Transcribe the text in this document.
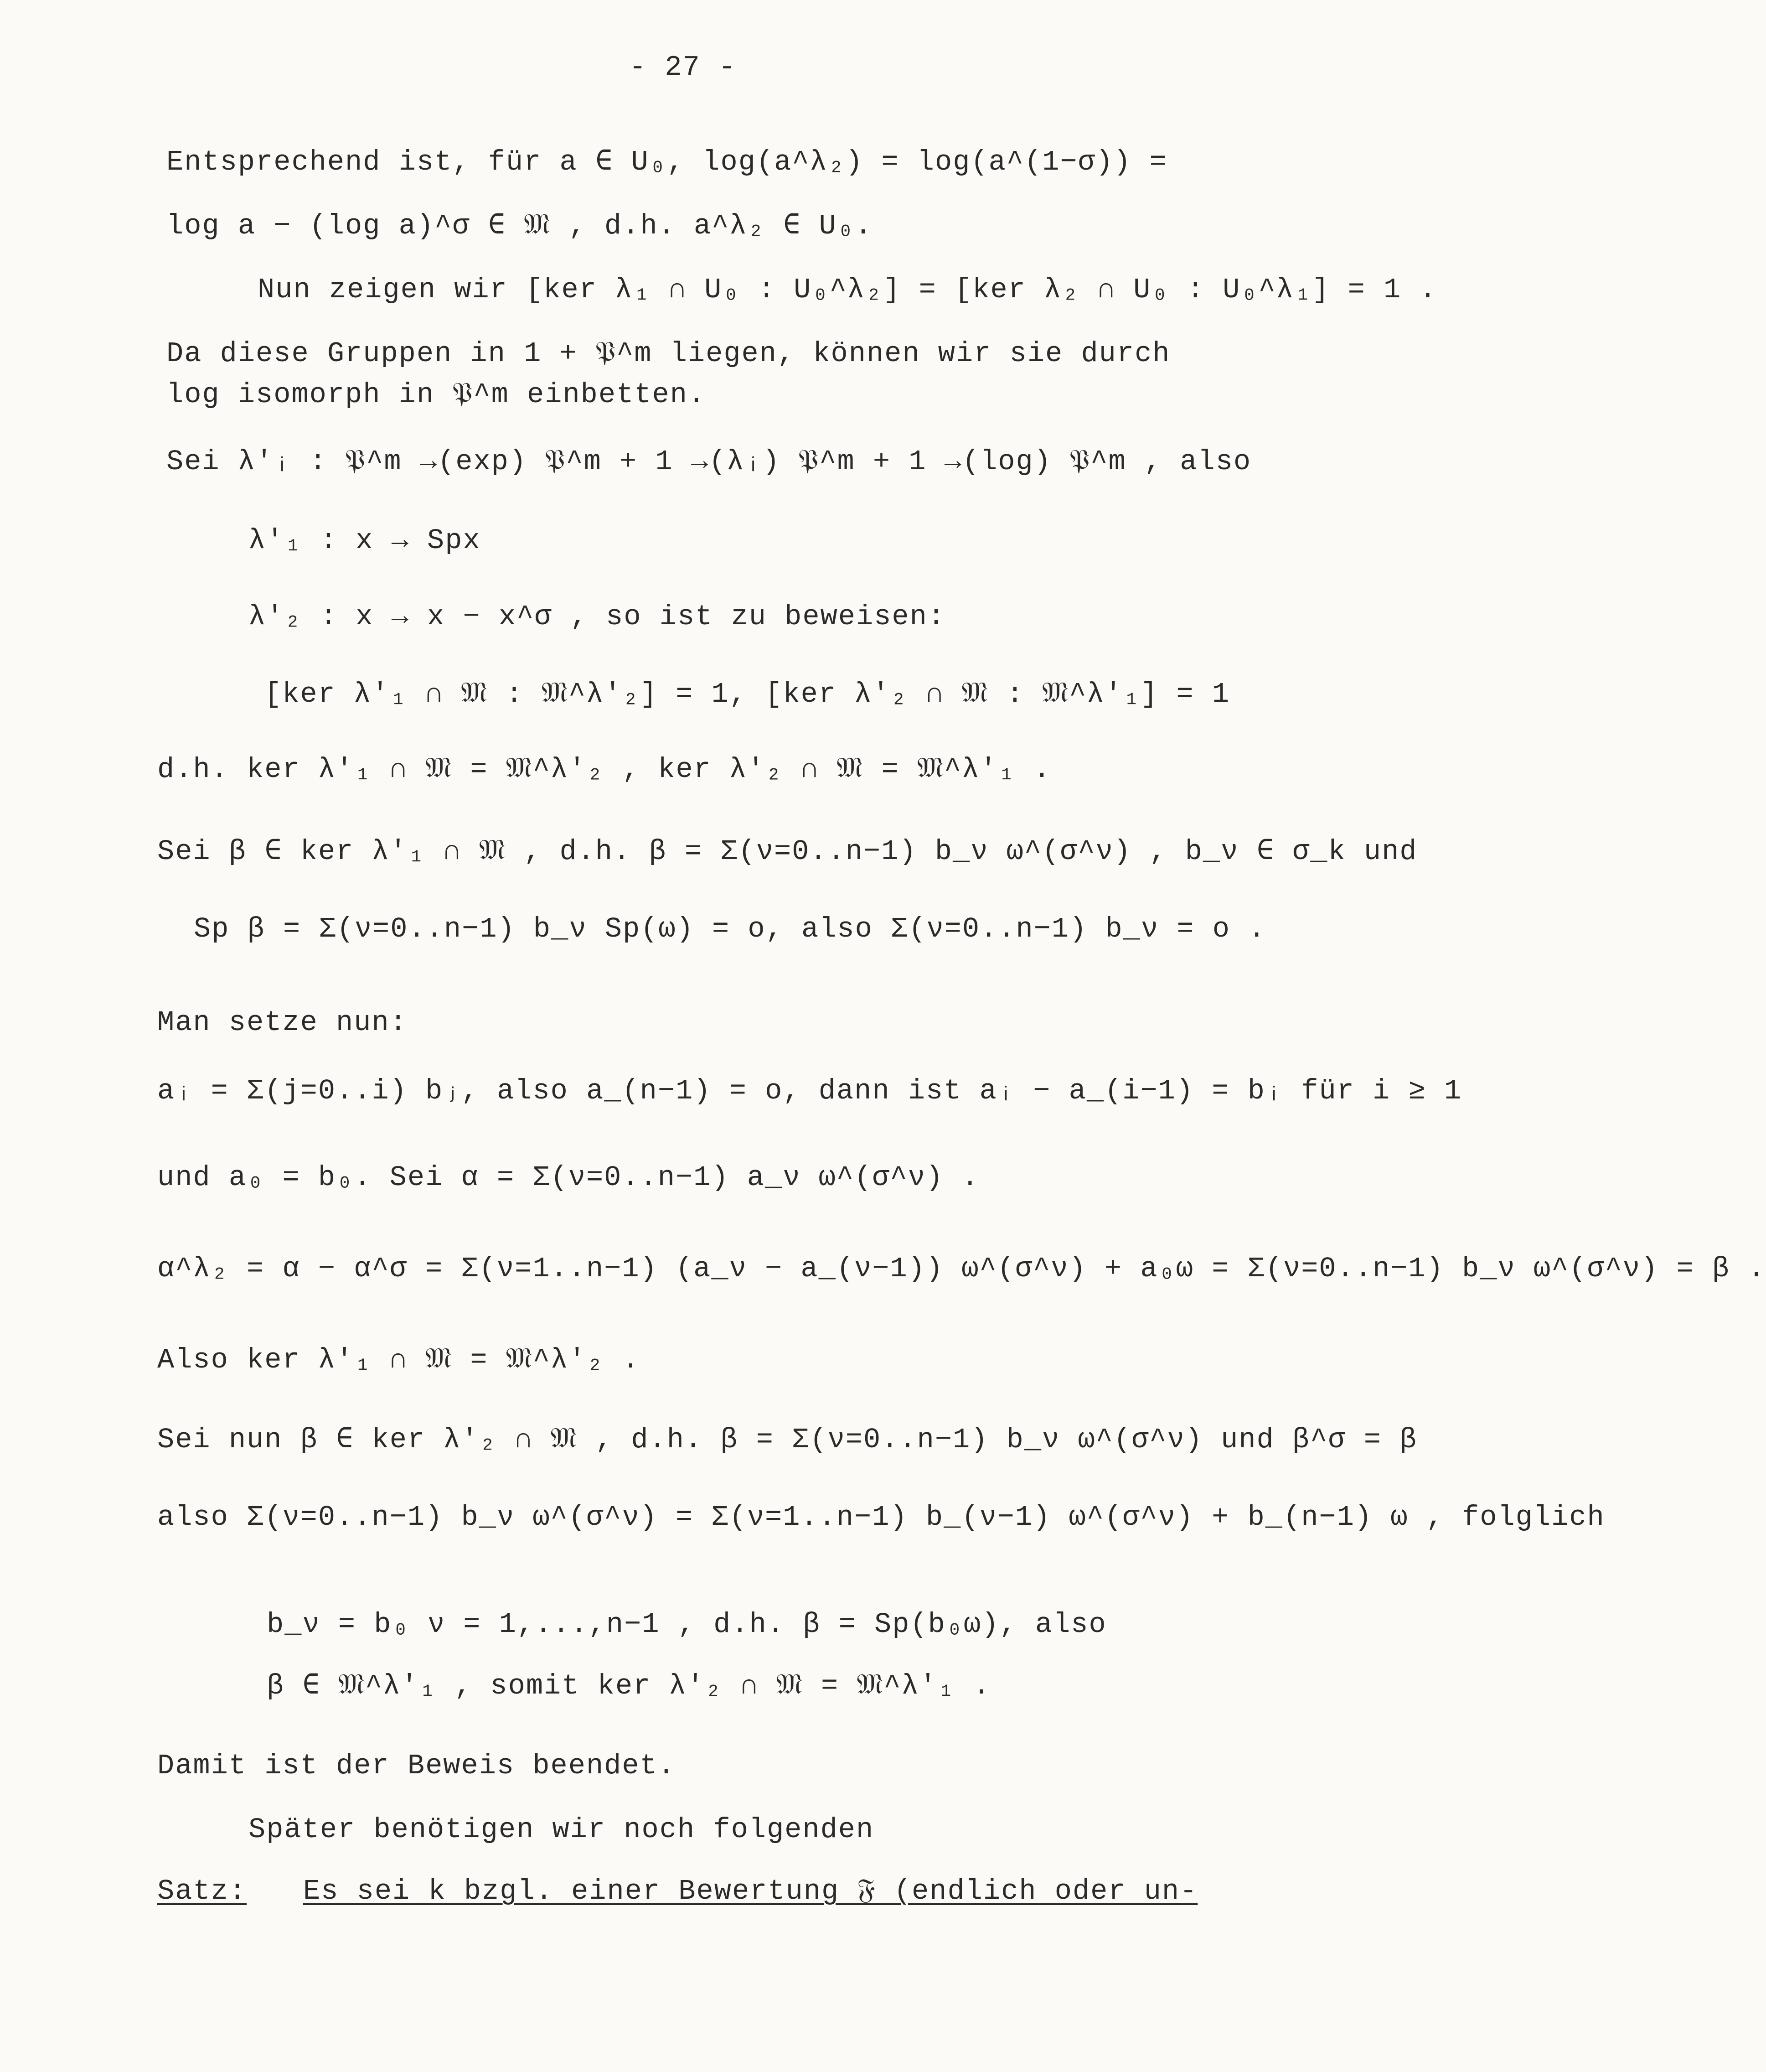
- 27 -
Entsprechend ist, für a ∈ U₀, log(a^λ₂) = log(a^(1−σ)) =
log a − (log a)^σ ∈ 𝔐 , d.h. a^λ₂ ∈ U₀.
Nun zeigen wir [ker λ₁ ∩ U₀ : U₀^λ₂] = [ker λ₂ ∩ U₀ : U₀^λ₁] = 1 .
Da diese Gruppen in 1 + 𝔓^m liegen, können wir sie durch
log isomorph in 𝔓^m einbetten.
Sei λ′ᵢ : 𝔓^m →(exp) 𝔓^m + 1 →(λᵢ) 𝔓^m + 1 →(log) 𝔓^m , also
λ′₁ : x → Spx
λ′₂ : x → x − x^σ , so ist zu beweisen:
[ker λ′₁ ∩ 𝔐 : 𝔐^λ′₂] = 1, [ker λ′₂ ∩ 𝔐 : 𝔐^λ′₁] = 1
d.h. ker λ′₁ ∩ 𝔐 = 𝔐^λ′₂ , ker λ′₂ ∩ 𝔐 = 𝔐^λ′₁ .
Sei β ∈ ker λ′₁ ∩ 𝔐 , d.h. β = Σ(ν=0..n−1) b_ν ω^(σ^ν) , b_ν ∈ σ_k und
Sp β = Σ(ν=0..n−1) b_ν Sp(ω) = o, also Σ(ν=0..n−1) b_ν = o .
Man setze nun:
aᵢ = Σ(j=0..i) bⱼ, also a_(n−1) = o, dann ist aᵢ − a_(i−1) = bᵢ für i ≥ 1
und a₀ = b₀. Sei α = Σ(ν=0..n−1) a_ν ω^(σ^ν) .
α^λ₂ = α − α^σ = Σ(ν=1..n−1) (a_ν − a_(ν−1)) ω^(σ^ν) + a₀ω = Σ(ν=0..n−1) b_ν ω^(σ^ν) = β .
Also ker λ′₁ ∩ 𝔐 = 𝔐^λ′₂ .
Sei nun β ∈ ker λ′₂ ∩ 𝔐 , d.h. β = Σ(ν=0..n−1) b_ν ω^(σ^ν) und β^σ = β
also Σ(ν=0..n−1) b_ν ω^(σ^ν) = Σ(ν=1..n−1) b_(ν−1) ω^(σ^ν) + b_(n−1) ω , folglich
b_ν = b₀ ν = 1,...,n−1 , d.h. β = Sp(b₀ω), also
β ∈ 𝔐^λ′₁ , somit ker λ′₂ ∩ 𝔐 = 𝔐^λ′₁ .
Damit ist der Beweis beendet.
Später benötigen wir noch folgenden
Satz: Es sei k bzgl. einer Bewertung 𝔉 (endlich oder un-
